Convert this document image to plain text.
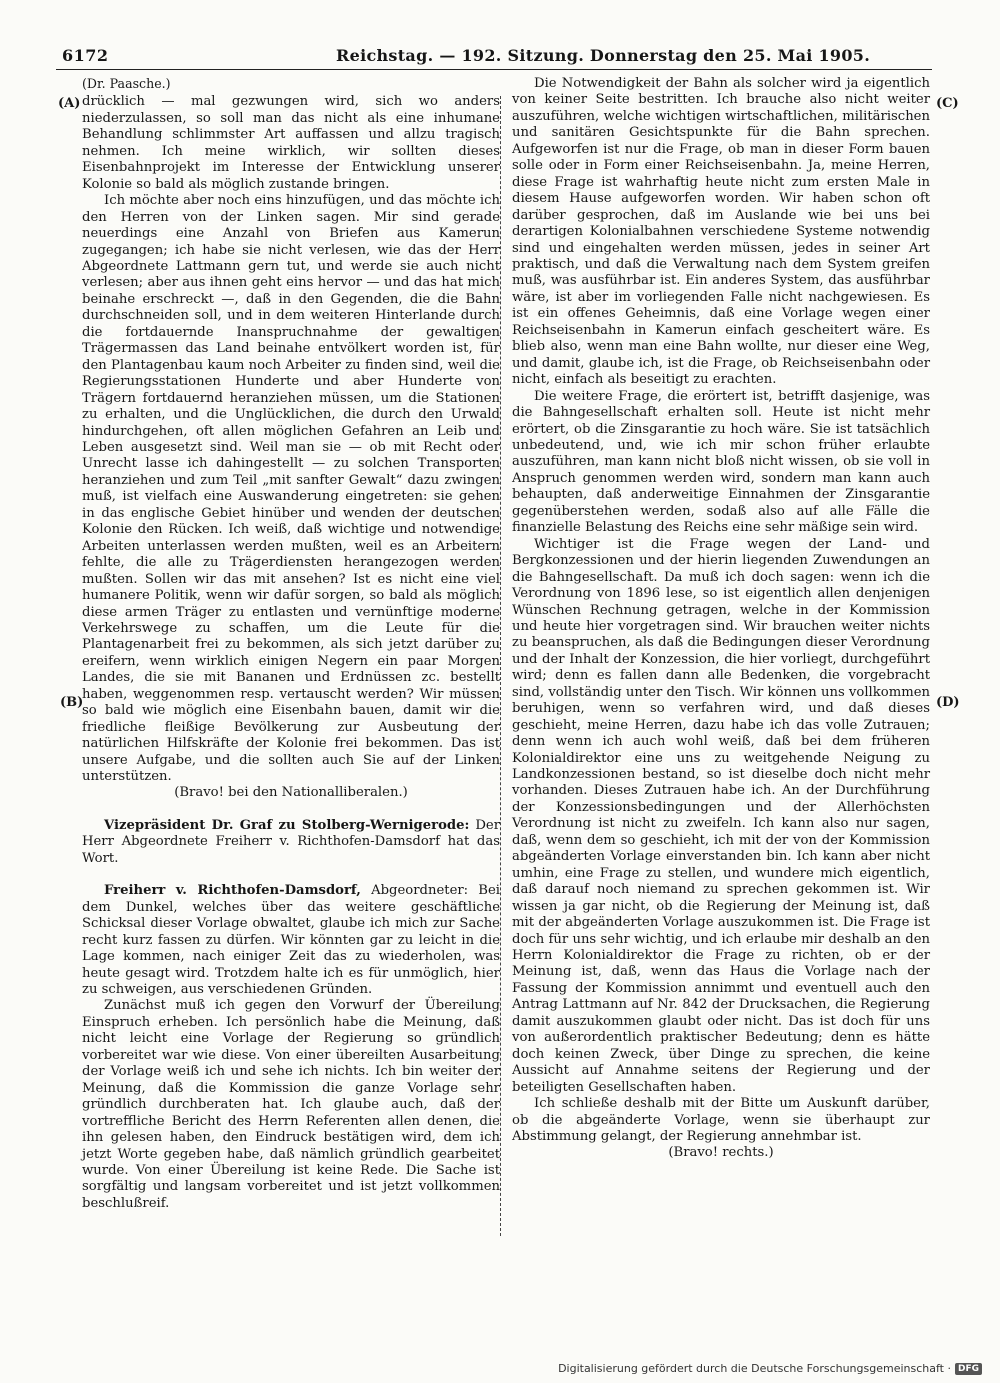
6172	Reichstag. — 192. Sitzung. Donnerstag den 25. Mai 1905.
(A)
(B)
(C)
(D)

(Dr. Paasche.)

drücklich — mal gezwungen wird, sich wo anders niederzulassen, so soll man das nicht als eine inhumane Behandlung schlimmster Art auffassen und allzu tragisch nehmen. Ich meine wirklich, wir sollten dieses Eisenbahnprojekt im Interesse der Entwicklung unserer Kolonie so bald als möglich zustande bringen.

Ich möchte aber noch eins hinzufügen, und das möchte ich den Herren von der Linken sagen. Mir sind gerade neuerdings eine Anzahl von Briefen aus Kamerun zugegangen; ich habe sie nicht verlesen, wie das der Herr Abgeordnete Lattmann gern tut, und werde sie auch nicht verlesen; aber aus ihnen geht eins hervor — und das hat mich beinahe erschreckt —, daß in den Gegenden, die die Bahn durchschneiden soll, und in dem weiteren Hinterlande durch die fortdauernde Inanspruchnahme der gewaltigen Trägermassen das Land beinahe entvölkert worden ist, für den Plantagenbau kaum noch Arbeiter zu finden sind, weil die Regierungsstationen Hunderte und aber Hunderte von Trägern fortdauernd heranziehen müssen, um die Stationen zu erhalten, und die Unglücklichen, die durch den Urwald hindurchgehen, oft allen möglichen Gefahren an Leib und Leben ausgesetzt sind. Weil man sie — ob mit Recht oder Unrecht lasse ich dahingestellt — zu solchen Transporten heranziehen und zum Teil „mit sanfter Gewalt“ dazu zwingen muß, ist vielfach eine Auswanderung eingetreten: sie gehen in das englische Gebiet hinüber und wenden der deutschen Kolonie den Rücken. Ich weiß, daß wichtige und notwendige Arbeiten unterlassen werden mußten, weil es an Arbeitern fehlte, die alle zu Trägerdiensten herangezogen werden mußten. Sollen wir das mit ansehen? Ist es nicht eine viel humanere Politik, wenn wir dafür sorgen, so bald als möglich diese armen Träger zu entlasten und vernünftige moderne Verkehrswege zu schaffen, um die Leute für die Plantagenarbeit frei zu bekommen, als sich jetzt darüber zu ereifern, wenn wirklich einigen Negern ein paar Morgen Landes, die sie mit Bananen und Erdnüssen zc. bestellt haben, weggenommen resp. vertauscht werden? Wir müssen so bald wie möglich eine Eisenbahn bauen, damit wir die friedliche fleißige Bevölkerung zur Ausbeutung der natürlichen Hilfskräfte der Kolonie frei bekommen. Das ist unsere Aufgabe, und die sollten auch Sie auf der Linken unterstützen.

(Bravo! bei den Nationalliberalen.)

Vizepräsident Dr. Graf zu Stolberg-Wernigerode: Der Herr Abgeordnete Freiherr v. Richthofen-Damsdorf hat das Wort.

Freiherr v. Richthofen-Damsdorf, Abgeordneter: Bei dem Dunkel, welches über das weitere geschäftliche Schicksal dieser Vorlage obwaltet, glaube ich mich zur Sache recht kurz fassen zu dürfen. Wir könnten gar zu leicht in die Lage kommen, nach einiger Zeit das zu wiederholen, was heute gesagt wird. Trotzdem halte ich es für unmöglich, hier zu schweigen, aus verschiedenen Gründen.

Zunächst muß ich gegen den Vorwurf der Übereilung Einspruch erheben. Ich persönlich habe die Meinung, daß nicht leicht eine Vorlage der Regierung so gründlich vorbereitet war wie diese. Von einer übereilten Ausarbeitung der Vorlage weiß ich und sehe ich nichts. Ich bin weiter der Meinung, daß die Kommission die ganze Vorlage sehr gründlich durchberaten hat. Ich glaube auch, daß der vortreffliche Bericht des Herrn Referenten allen denen, die ihn gelesen haben, den Eindruck bestätigen wird, dem ich jetzt Worte gegeben habe, daß nämlich gründlich gearbeitet wurde. Von einer Übereilung ist keine Rede. Die Sache ist sorgfältig und langsam vorbereitet und ist jetzt vollkommen beschlußreif.

Die Notwendigkeit der Bahn als solcher wird ja eigentlich von keiner Seite bestritten. Ich brauche also nicht weiter auszuführen, welche wichtigen wirtschaftlichen, militärischen und sanitären Gesichtspunkte für die Bahn sprechen. Aufgeworfen ist nur die Frage, ob man in dieser Form bauen solle oder in Form einer Reichseisenbahn. Ja, meine Herren, diese Frage ist wahrhaftig heute nicht zum ersten Male in diesem Hause aufgeworfen worden. Wir haben schon oft darüber gesprochen, daß im Auslande wie bei uns bei derartigen Kolonialbahnen verschiedene Systeme notwendig sind und eingehalten werden müssen, jedes in seiner Art praktisch, und daß die Verwaltung nach dem System greifen muß, was ausführbar ist. Ein anderes System, das ausführbar wäre, ist aber im vorliegenden Falle nicht nachgewiesen. Es ist ein offenes Geheimnis, daß eine Vorlage wegen einer Reichseisenbahn in Kamerun einfach gescheitert wäre. Es blieb also, wenn man eine Bahn wollte, nur dieser eine Weg, und damit, glaube ich, ist die Frage, ob Reichseisenbahn oder nicht, einfach als beseitigt zu erachten.

Die weitere Frage, die erörtert ist, betrifft dasjenige, was die Bahngesellschaft erhalten soll. Heute ist nicht mehr erörtert, ob die Zinsgarantie zu hoch wäre. Sie ist tatsächlich unbedeutend, und, wie ich mir schon früher erlaubte auszuführen, man kann nicht bloß nicht wissen, ob sie voll in Anspruch genommen werden wird, sondern man kann auch behaupten, daß anderweitige Einnahmen der Zinsgarantie gegenüberstehen werden, sodaß also auf alle Fälle die finanzielle Belastung des Reichs eine sehr mäßige sein wird.

Wichtiger ist die Frage wegen der Land- und Bergkonzessionen und der hierin liegenden Zuwendungen an die Bahngesellschaft. Da muß ich doch sagen: wenn ich die Verordnung von 1896 lese, so ist eigentlich allen denjenigen Wünschen Rechnung getragen, welche in der Kommission und heute hier vorgetragen sind. Wir brauchen weiter nichts zu beanspruchen, als daß die Bedingungen dieser Verordnung und der Inhalt der Konzession, die hier vorliegt, durchgeführt wird; denn es fallen dann alle Bedenken, die vorgebracht sind, vollständig unter den Tisch. Wir können uns vollkommen beruhigen, wenn so verfahren wird, und daß dieses geschieht, meine Herren, dazu habe ich das volle Zutrauen; denn wenn ich auch wohl weiß, daß bei dem früheren Kolonialdirektor eine uns zu weitgehende Neigung zu Landkonzessionen bestand, so ist dieselbe doch nicht mehr vorhanden. Dieses Zutrauen habe ich. An der Durchführung der Konzessionsbedingungen und der Allerhöchsten Verordnung ist nicht zu zweifeln. Ich kann also nur sagen, daß, wenn dem so geschieht, ich mit der von der Kommission abgeänderten Vorlage einverstanden bin. Ich kann aber nicht umhin, eine Frage zu stellen, und wundere mich eigentlich, daß darauf noch niemand zu sprechen gekommen ist. Wir wissen ja gar nicht, ob die Regierung der Meinung ist, daß mit der abgeänderten Vorlage auszukommen ist. Die Frage ist doch für uns sehr wichtig, und ich erlaube mir deshalb an den Herrn Kolonialdirektor die Frage zu richten, ob er der Meinung ist, daß, wenn das Haus die Vorlage nach der Fassung der Kommission annimmt und eventuell auch den Antrag Lattmann auf Nr. 842 der Drucksachen, die Regierung damit auszukommen glaubt oder nicht. Das ist doch für uns von außerordentlich praktischer Bedeutung; denn es hätte doch keinen Zweck, über Dinge zu sprechen, die keine Aussicht auf Annahme seitens der Regierung und der beteiligten Gesellschaften haben.

Ich schließe deshalb mit der Bitte um Auskunft darüber, ob die abgeänderte Vorlage, wenn sie überhaupt zur Abstimmung gelangt, der Regierung annehmbar ist.

(Bravo! rechts.)

Digitalisierung gefördert durch die Deutsche Forschungsgemeinschaft · DFG
